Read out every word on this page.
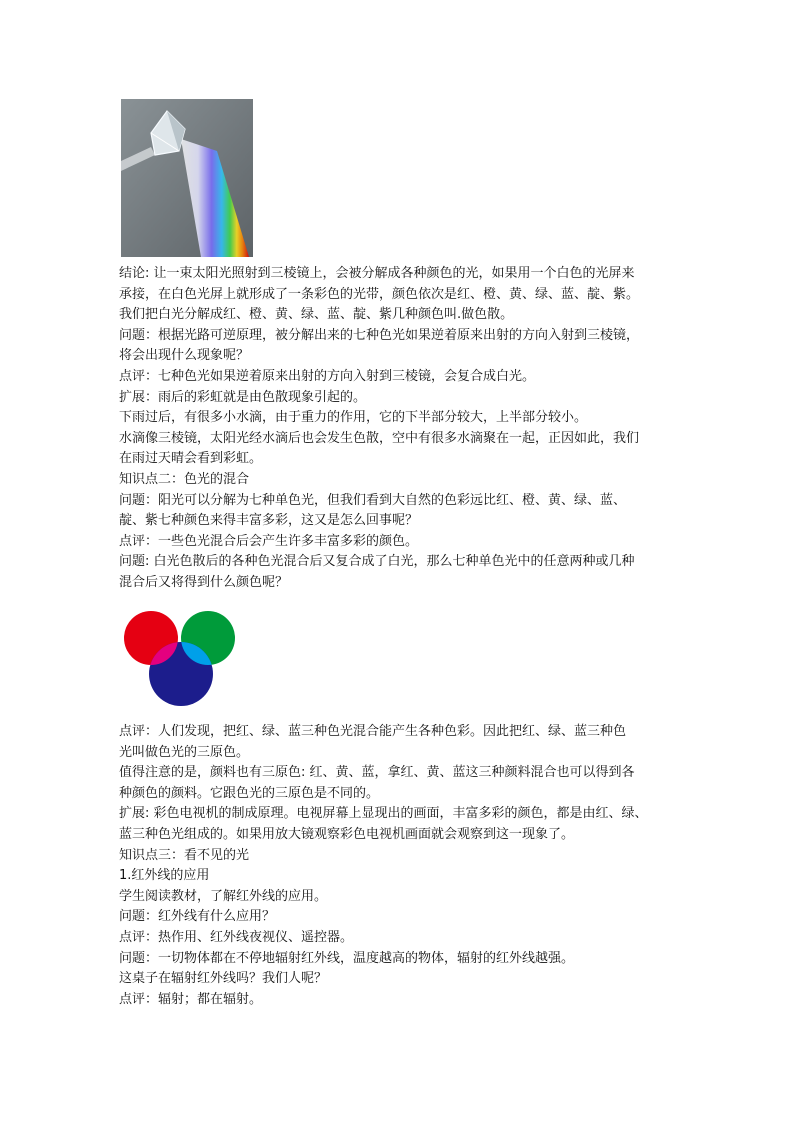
结论: 让一束太阳光照射到三棱镜上，会被分解成各种颜色的光，如果用一个白色的光屏来

承接，在白色光屏上就形成了一条彩色的光带，颜色依次是红、橙、黄、绿、蓝、靛、紫。

我们把白光分解成红、橙、黄、绿、蓝、靛、紫几种颜色叫.做色散。

问题：根据光路可逆原理，被分解出来的七种色光如果逆着原来出射的方向入射到三棱镜，

将会出现什么现象呢？

点评：七种色光如果逆着原来出射的方向入射到三棱镜，会复合成白光。

扩展：雨后的彩虹就是由色散现象引起的。

下雨过后，有很多小水滴，由于重力的作用，它的下半部分较大，上半部分较小。

水滴像三棱镜，太阳光经水滴后也会发生色散，空中有很多水滴聚在一起，正因如此，我们

在雨过天晴会看到彩虹。

知识点二：色光的混合

问题：阳光可以分解为七种单色光，但我们看到大自然的色彩远比红、橙、黄、绿、蓝、

靛、紫七种颜色来得丰富多彩，这又是怎么回事呢？

点评：一些色光混合后会产生许多丰富多彩的颜色。

问题: 白光色散后的各种色光混合后又复合成了白光，那么七种单色光中的任意两种或几种

混合后又将得到什么颜色呢？

点评：人们发现，把红、绿、蓝三种色光混合能产生各种色彩。因此把红、绿、蓝三种色

光叫做色光的三原色。

值得注意的是，颜料也有三原色: 红、黄、蓝，拿红、黄、蓝这三种颜料混合也可以得到各

种颜色的颜料。它跟色光的三原色是不同的。

扩展: 彩色电视机的制成原理。电视屏幕上显现出的画面，丰富多彩的颜色，都是由红、绿、

蓝三种色光组成的。如果用放大镜观察彩色电视机画面就会观察到这一现象了。

知识点三：看不见的光

1.红外线的应用

学生阅读教材，了解红外线的应用。

问题：红外线有什么应用？

点评：热作用、红外线夜视仪、遥控器。

问题：一切物体都在不停地辐射红外线，温度越高的物体，辐射的红外线越强。

这桌子在辐射红外线吗？我们人呢？

点评：辐射；都在辐射。
